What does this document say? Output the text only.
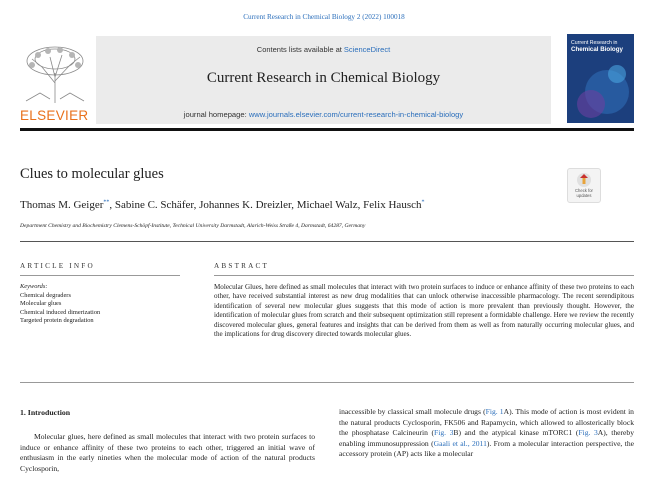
Current Research in Chemical Biology 2 (2022) 100018
ELSEVIER
Contents lists available at ScienceDirect
Current Research in Chemical Biology
journal homepage: www.journals.elsevier.com/current-research-in-chemical-biology
Current Research in
Chemical Biology
Clues to molecular glues
Thomas M. Geiger**, Sabine C. Schäfer, Johannes K. Dreizler, Michael Walz, Felix Hausch*
Check for updates
Department Chemistry and Biochemistry Clemens-Schöpf-Institute, Technical University Darmstadt, Alarich-Weiss Straße 4, Darmstadt, 64287, Germany
ARTICLE INFO	ABSTRACT
Keywords:
Chemical degraders
Molecular glues
Chemical induced dimerization
Targeted protein degradation
Molecular Glues, here defined as small molecules that interact with two protein surfaces to induce or enhance affinity of these two proteins to each other, have received substantial interest as new drug modalities that can unlock otherwise inaccessible pharmacology. The recent serendipitous identification of several new molecular glues suggests that this mode of action is more prevalent than previously thought. However, the identification of molecular glues from scratch and their subsequent optimization still represent a formidable challenge. Here we review the recently discovered molecular glues, general features and insights that can be derived from them as well as from naturally occurring molecular glues, and the implications for drug discovery directed towards molecular glues.
1. Introduction
Molecular glues, here defined as small molecules that interact with two protein surfaces to induce or enhance affinity of these two proteins to each other, triggered an initial wave of enthusiasm in the early nineties when the molecular mode of action of the natural products Cyclosporin,
inaccessible by classical small molecule drugs (Fig. 1A). This mode of action is most evident in the natural products Cyclosporin, FK506 and Rapamycin, which allowed to allosterically block the phosphatase Calcineurin (Fig. 3B) and the atypical kinase mTORC1 (Fig. 3A), thereby enabling immunosuppression (Gaali et al., 2011). From a molecular interaction perspective, the accessory protein (AP) acts like a molecular
